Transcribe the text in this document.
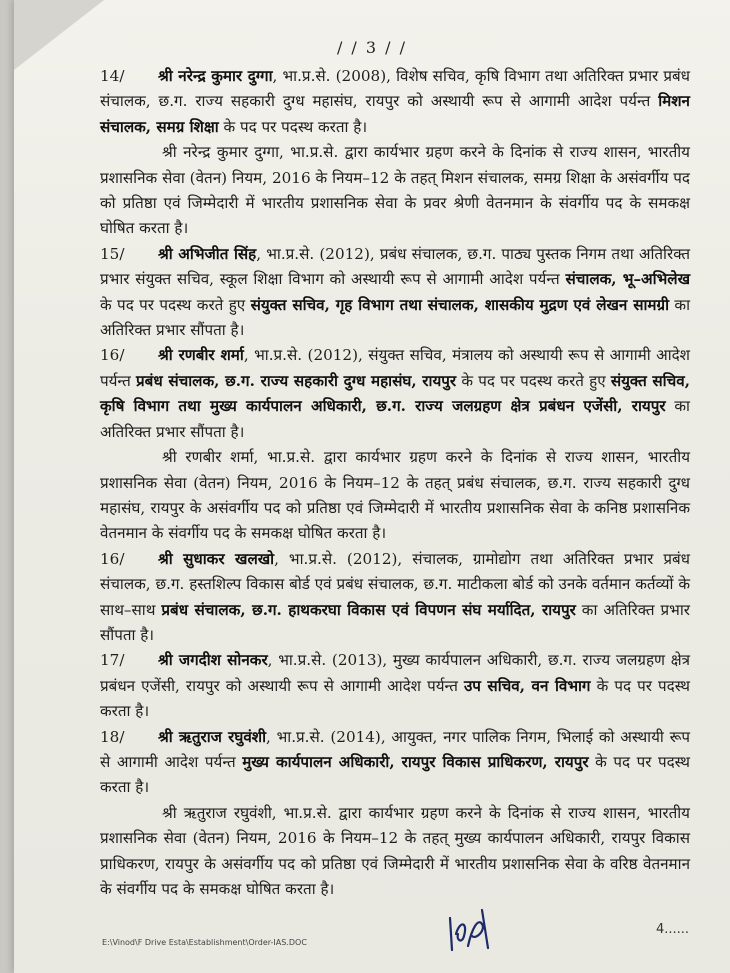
/ / 3 / /

14/ श्री नरेन्द्र कुमार दुग्गा, भा.प्र.से. (2008), विशेष सचिव, कृषि विभाग तथा अतिरिक्त प्रभार प्रबंध संचालक, छ.ग. राज्य सहकारी दुग्ध महासंघ, रायपुर को अस्थायी रूप से आगामी आदेश पर्यन्त मिशन संचालक, समग्र शिक्षा के पद पर पदस्थ करता है।

श्री नरेन्द्र कुमार दुग्गा, भा.प्र.से. द्वारा कार्यभार ग्रहण करने के दिनांक से राज्य शासन, भारतीय प्रशासनिक सेवा (वेतन) नियम, 2016 के नियम–12 के तहत् मिशन संचालक, समग्र शिक्षा के असंवर्गीय पद को प्रतिष्ठा एवं जिम्मेदारी में भारतीय प्रशासनिक सेवा के प्रवर श्रेणी वेतनमान के संवर्गीय पद के समकक्ष घोषित करता है।

15/ श्री अभिजीत सिंह, भा.प्र.से. (2012), प्रबंध संचालक, छ.ग. पाठ्य पुस्तक निगम तथा अतिरिक्त प्रभार संयुक्त सचिव, स्कूल शिक्षा विभाग को अस्थायी रूप से आगामी आदेश पर्यन्त संचालक, भू–अभिलेख के पद पर पदस्थ करते हुए संयुक्त सचिव, गृह विभाग तथा संचालक, शासकीय मुद्रण एवं लेखन सामग्री का अतिरिक्त प्रभार सौंपता है।

16/ श्री रणबीर शर्मा, भा.प्र.से. (2012), संयुक्त सचिव, मंत्रालय को अस्थायी रूप से आगामी आदेश पर्यन्त प्रबंध संचालक, छ.ग. राज्य सहकारी दुग्ध महासंघ, रायपुर के पद पर पदस्थ करते हुए संयुक्त सचिव, कृषि विभाग तथा मुख्य कार्यपालन अधिकारी, छ.ग. राज्य जलग्रहण क्षेत्र प्रबंधन एजेंसी, रायपुर का अतिरिक्त प्रभार सौंपता है।

श्री रणबीर शर्मा, भा.प्र.से. द्वारा कार्यभार ग्रहण करने के दिनांक से राज्य शासन, भारतीय प्रशासनिक सेवा (वेतन) नियम, 2016 के नियम–12 के तहत् प्रबंध संचालक, छ.ग. राज्य सहकारी दुग्ध महासंघ, रायपुर के असंवर्गीय पद को प्रतिष्ठा एवं जिम्मेदारी में भारतीय प्रशासनिक सेवा के कनिष्ठ प्रशासनिक वेतनमान के संवर्गीय पद के समकक्ष घोषित करता है।

16/ श्री सुधाकर खलखो, भा.प्र.से. (2012), संचालक, ग्रामोद्योग तथा अतिरिक्त प्रभार प्रबंध संचालक, छ.ग. हस्तशिल्प विकास बोर्ड एवं प्रबंध संचालक, छ.ग. माटीकला बोर्ड को उनके वर्तमान कर्तव्यों के साथ–साथ प्रबंध संचालक, छ.ग. हाथकरघा विकास एवं विपणन संघ मर्यादित, रायपुर का अतिरिक्त प्रभार सौंपता है।

17/ श्री जगदीश सोनकर, भा.प्र.से. (2013), मुख्य कार्यपालन अधिकारी, छ.ग. राज्य जलग्रहण क्षेत्र प्रबंधन एजेंसी, रायपुर को अस्थायी रूप से आगामी आदेश पर्यन्त उप सचिव, वन विभाग के पद पर पदस्थ करता है।

18/ श्री ऋतुराज रघुवंशी, भा.प्र.से. (2014), आयुक्त, नगर पालिक निगम, भिलाई को अस्थायी रूप से आगामी आदेश पर्यन्त मुख्य कार्यपालन अधिकारी, रायपुर विकास प्राधिकरण, रायपुर के पद पर पदस्थ करता है।

श्री ऋतुराज रघुवंशी, भा.प्र.से. द्वारा कार्यभार ग्रहण करने के दिनांक से राज्य शासन, भारतीय प्रशासनिक सेवा (वेतन) नियम, 2016 के नियम–12 के तहत् मुख्य कार्यपालन अधिकारी, रायपुर विकास प्राधिकरण, रायपुर के असंवर्गीय पद को प्रतिष्ठा एवं जिम्मेदारी में भारतीय प्रशासनिक सेवा के वरिष्ठ वेतनमान के संवर्गीय पद के समकक्ष घोषित करता है।

E:\Vinod\F Drive Esta\Establishment\Order-IAS.DOC
4......
